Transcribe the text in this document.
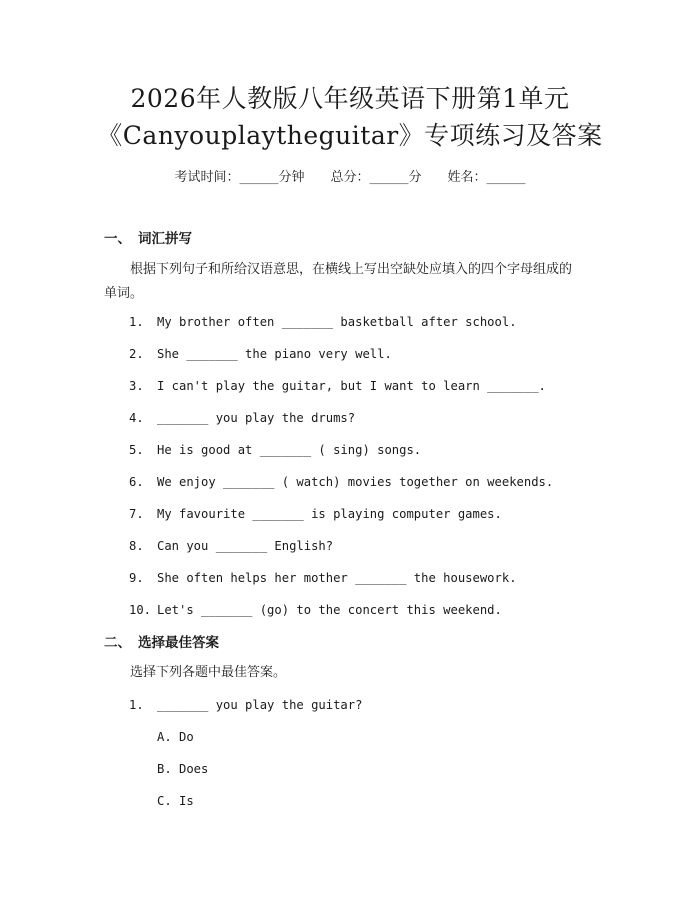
2026年人教版八年级英语下册第1单元
《Canyouplaytheguitar》专项练习及答案
考试时间：______分钟 总分：______分 姓名：______
一、 词汇拼写
根据下列句子和所给汉语意思，在横线上写出空缺处应填入的四个字母组成的单词。
1. My brother often _______ basketball after school.
2. She _______ the piano very well.
3. I can't play the guitar, but I want to learn _______.
4. _______ you play the drums?
5. He is good at _______ ( sing) songs.
6. We enjoy _______ ( watch) movies together on weekends.
7. My favourite _______ is playing computer games.
8. Can you _______ English?
9. She often helps her mother _______ the housework.
10. Let's _______ (go) to the concert this weekend.
二、 选择最佳答案
选择下列各题中最佳答案。
1. _______ you play the guitar?
A. Do
B. Does
C. Is
